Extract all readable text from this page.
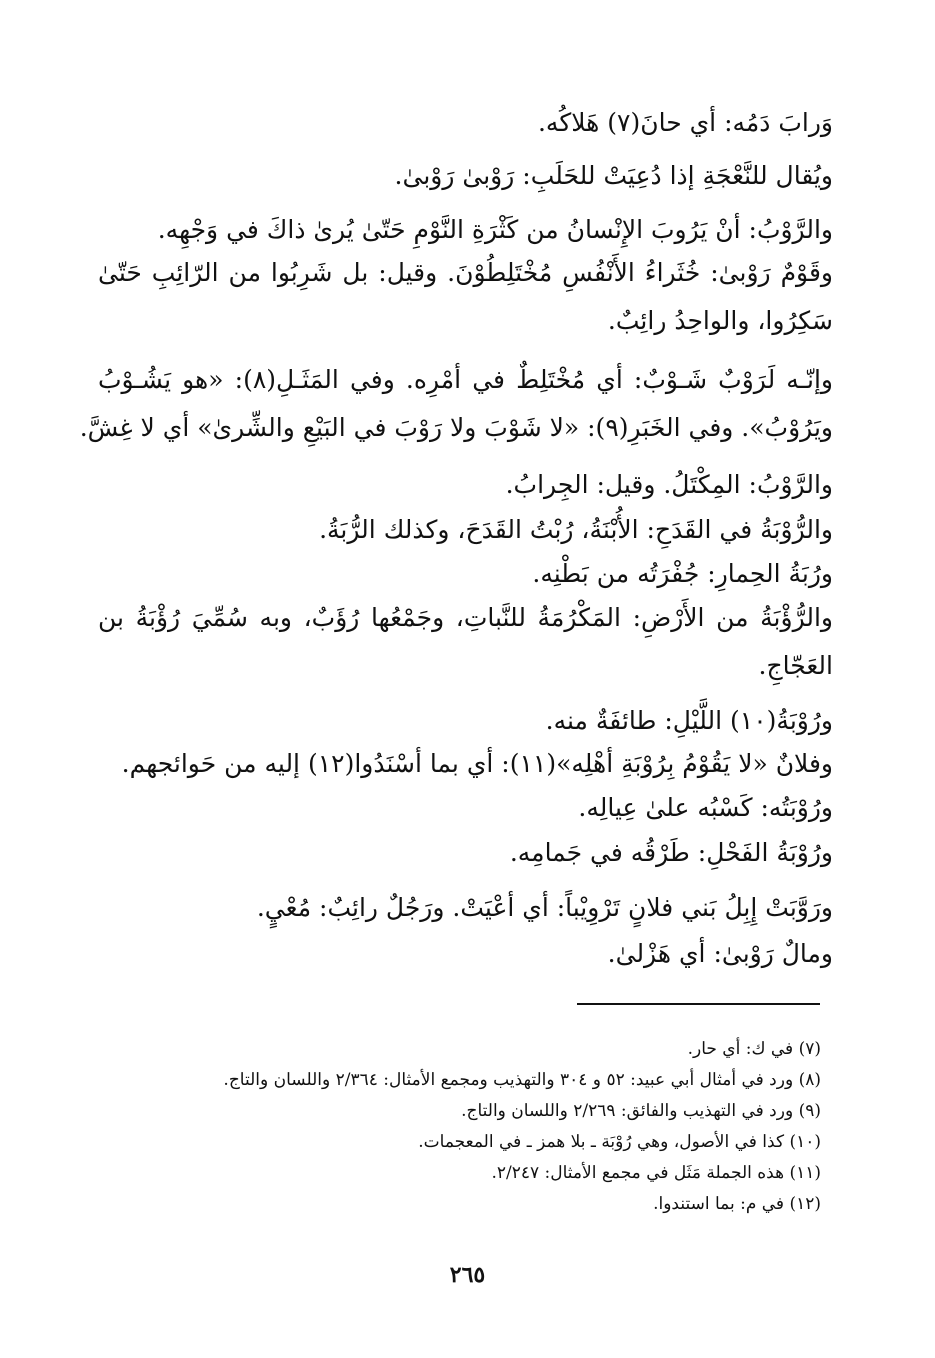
وَرابَ دَمُه: أي حانَ(٧) هَلاكُه.
ويُقال للنَّعْجَةِ إذا دُعِيَتْ للحَلَبِ: رَوْبىٰ رَوْبىٰ.
والرَّوْبُ: أنْ يَرُوبَ الإِنْسانُ من كَثْرَةِ النَّوْمِ حَتّىٰ يُرىٰ ذاكَ في وَجْهِه.
وقَوْمٌ رَوْبىٰ: خُثَراءُ الأَنْفُسِ مُخْتَلِطُوْنَ. وقيل: بل شَرِبُوا من الرّائِبِ حَتّىٰ
سَكِرُوا، والواحِدُ رائِبٌ.
وإنّـه لَرَوْبٌ شَـوْبٌ: أي مُخْتَلِطٌ في أمْرِه. وفي المَثَـلِ(٨): «هو يَشُـوْبُ
ويَرُوْبُ». وفي الخَبَرِ(٩): «لا شَوْبَ ولا رَوْبَ في البَيْعِ والشِّرىٰ» أي لا غِشَّ.
والرَّوْبُ: المِكْتَلُ. وقيل: الجِرابُ.
والرُّوْبَةُ في القَدَحِ: الأُبْنَةُ، رُبْتُ القَدَحَ، وكذلك الرُّبَةُ.
ورُبَةُ الحِمارِ: جُفْرَتُه من بَطْنِه.
والرُّؤْبَةُ من الأَرْضِ: المَكْرُمَةُ للنَّباتِ، وجَمْعُها رُؤَبٌ، وبه سُمِّيَ رُؤْبَةُ بن
العَجّاجِ.
ورُوْبَةُ(١٠) اللَّيْلِ: طائفَةٌ منه.
وفلانٌ «لا يَقُوْمُ بِرُوْبَةِ أهْلِه»(١١): أي بما أسْنَدُوا(١٢) إليه من حَوائجهم.
ورُوْبَتُه: كَسْبُه علىٰ عِيالِه.
ورُوْبَةُ الفَحْلِ: طَرْقُه في جَمامِه.
ورَوَّبَتْ إِبِلُ بَني فلانٍ تَرْوِيْباً: أي أعْيَتْ. ورَجُلٌ رائِبٌ: مُعْيٍ.
ومالٌ رَوْبىٰ: أي هَزْلىٰ.
(٧) في ك: أي حار.
(٨) ورد في أمثال أبي عبيد: ٥٢ و ٣٠٤ والتهذيب ومجمع الأمثال: ٢/٣٦٤ واللسان والتاج.
(٩) ورد في التهذيب والفائق: ٢/٢٦٩ واللسان والتاج.
(١٠) كذا في الأصول، وهي رُوْبَة ـ بلا همز ـ في المعجمات.
(١١) هذه الجملة مَثَل في مجمع الأمثال: ٢/٢٤٧.
(١٢) في م: بما استندوا.
٢٦٥
